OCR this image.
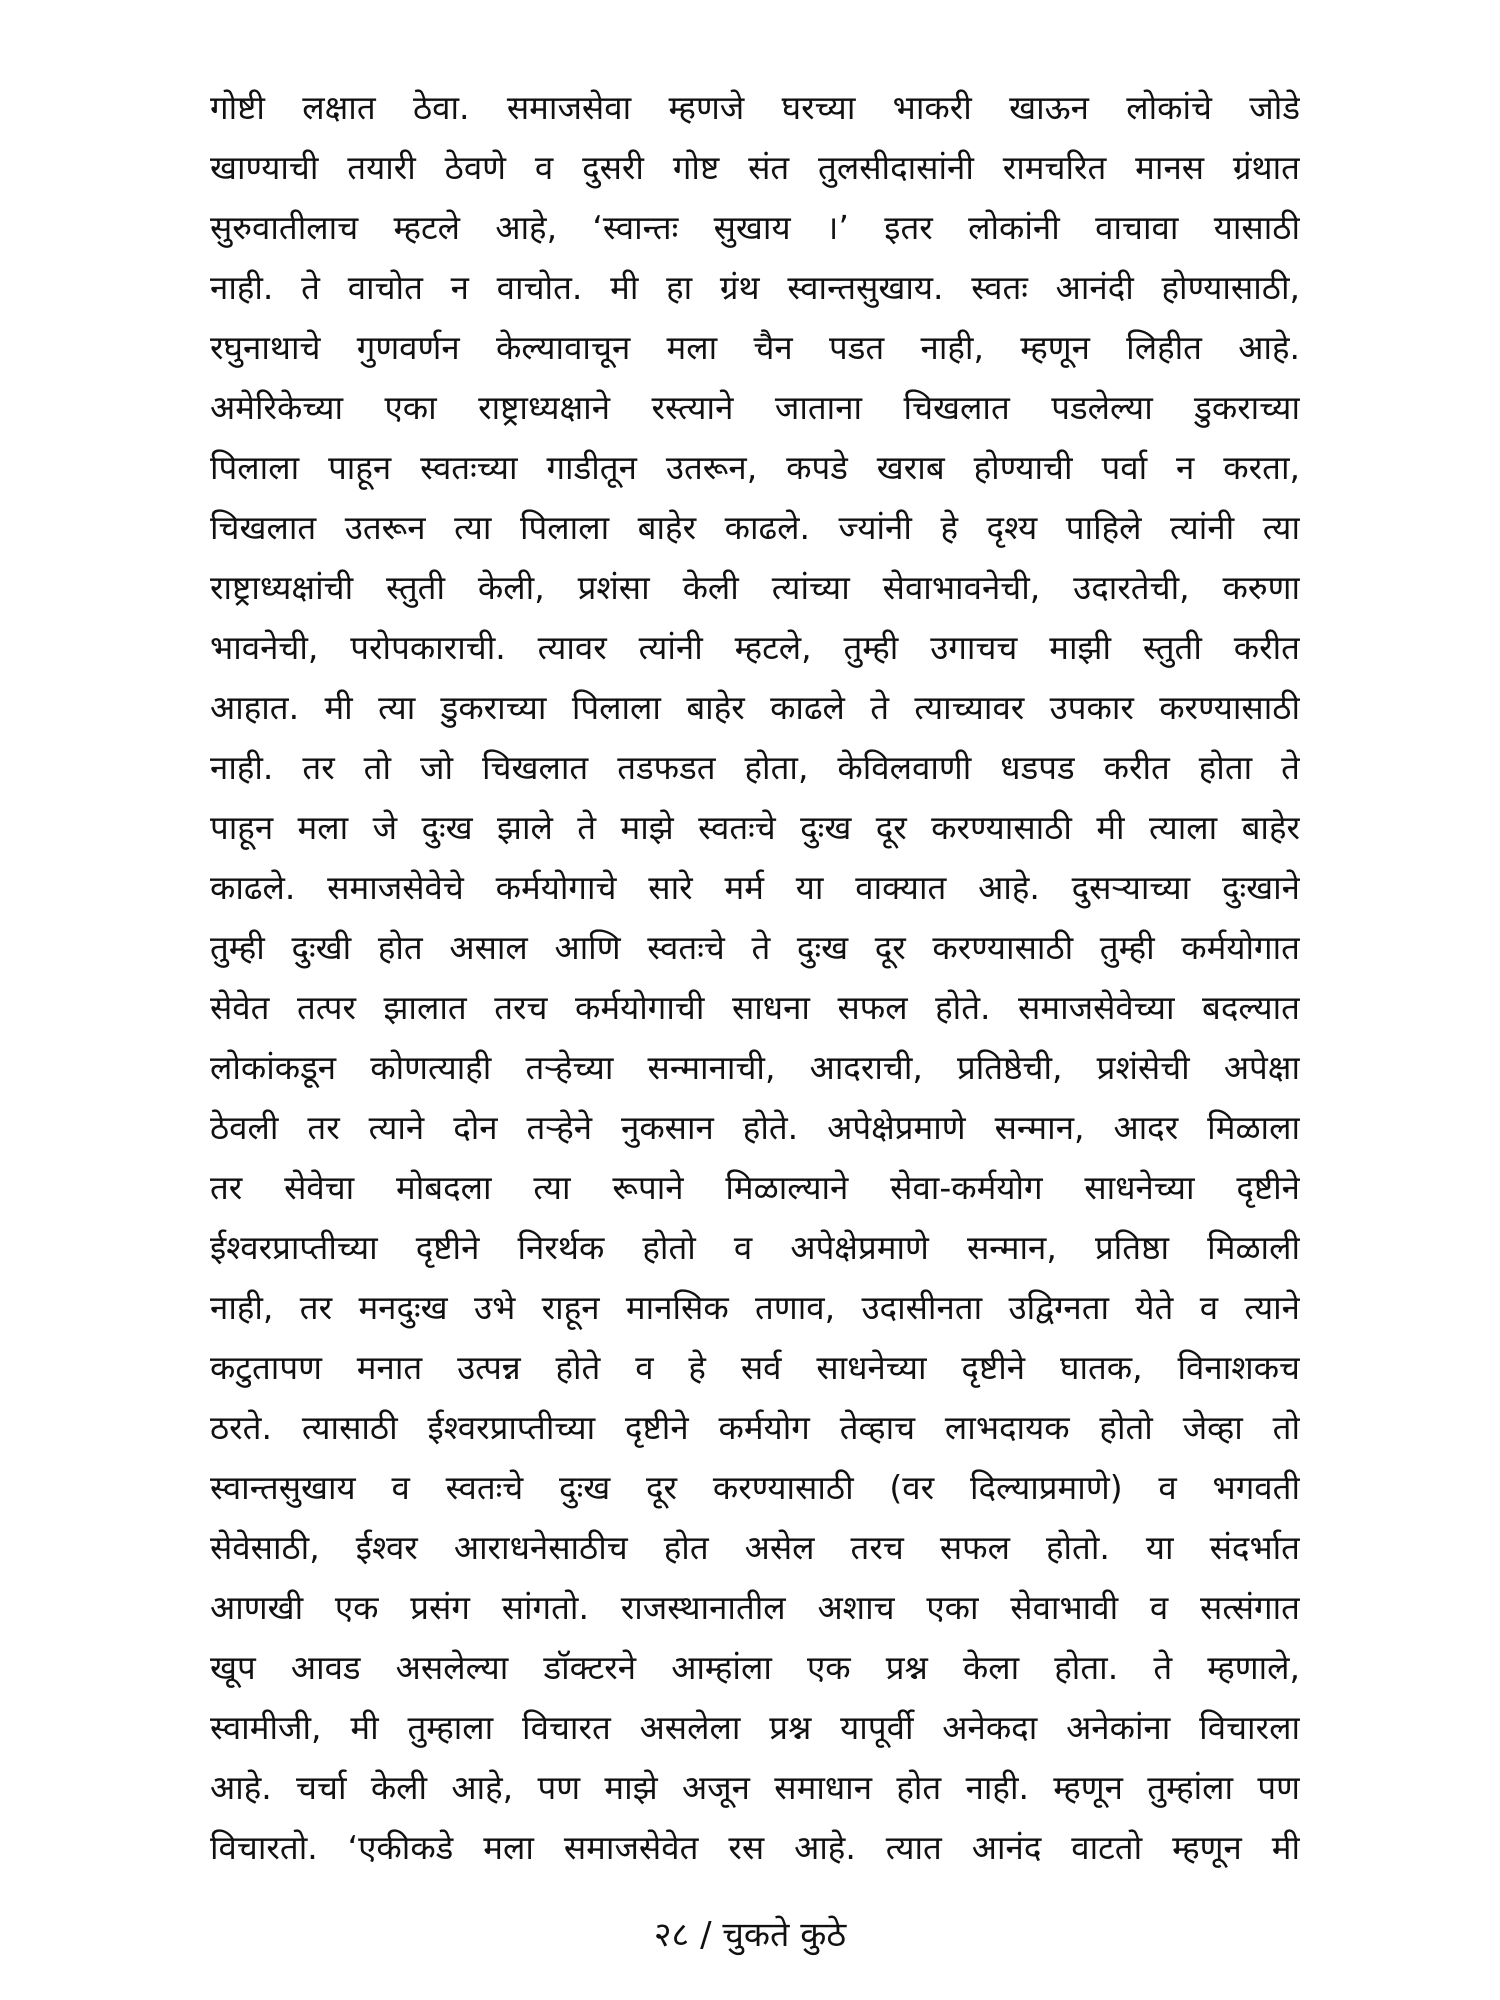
गोष्टी लक्षात ठेवा. समाजसेवा म्हणजे घरच्या भाकरी खाऊन लोकांचे जोडे
खाण्याची तयारी ठेवणे व दुसरी गोष्ट संत तुलसीदासांनी रामचरित मानस ग्रंथात
सुरुवातीलाच म्हटले आहे, ‘स्वान्तः सुखाय ।’ इतर लोकांनी वाचावा यासाठी
नाही. ते वाचोत न वाचोत. मी हा ग्रंथ स्वान्तसुखाय. स्वतः आनंदी होण्यासाठी,
रघुनाथाचे गुणवर्णन केल्यावाचून मला चैन पडत नाही, म्हणून लिहीत आहे.
अमेरिकेच्या एका राष्ट्राध्यक्षाने रस्त्याने जाताना चिखलात पडलेल्या डुकराच्या
पिलाला पाहून स्वतःच्या गाडीतून उतरून, कपडे खराब होण्याची पर्वा न करता,
चिखलात उतरून त्या पिलाला बाहेर काढले. ज्यांनी हे दृश्य पाहिले त्यांनी त्या
राष्ट्राध्यक्षांची स्तुती केली, प्रशंसा केली त्यांच्या सेवाभावनेची, उदारतेची, करुणा
भावनेची, परोपकाराची. त्यावर त्यांनी म्हटले, तुम्ही उगाचच माझी स्तुती करीत
आहात. मी त्या डुकराच्या पिलाला बाहेर काढले ते त्याच्यावर उपकार करण्यासाठी
नाही. तर तो जो चिखलात तडफडत होता, केविलवाणी धडपड करीत होता ते
पाहून मला जे दुःख झाले ते माझे स्वतःचे दुःख दूर करण्यासाठी मी त्याला बाहेर
काढले. समाजसेवेचे कर्मयोगाचे सारे मर्म या वाक्यात आहे. दुसऱ्याच्या दुःखाने
तुम्ही दुःखी होत असाल आणि स्वतःचे ते दुःख दूर करण्यासाठी तुम्ही कर्मयोगात
सेवेत तत्पर झालात तरच कर्मयोगाची साधना सफल होते. समाजसेवेच्या बदल्यात
लोकांकडून कोणत्याही तऱ्हेच्या सन्मानाची, आदराची, प्रतिष्ठेची, प्रशंसेची अपेक्षा
ठेवली तर त्याने दोन तऱ्हेने नुकसान होते. अपेक्षेप्रमाणे सन्मान, आदर मिळाला
तर सेवेचा मोबदला त्या रूपाने मिळाल्याने सेवा-कर्मयोग साधनेच्या दृष्टीने
ईश्वरप्राप्तीच्या दृष्टीने निरर्थक होतो व अपेक्षेप्रमाणे सन्मान, प्रतिष्ठा मिळाली
नाही, तर मनदुःख उभे राहून मानसिक तणाव, उदासीनता उद्विग्नता येते व त्याने
कटुतापण मनात उत्पन्न होते व हे सर्व साधनेच्या दृष्टीने घातक, विनाशकच
ठरते. त्यासाठी ईश्वरप्राप्तीच्या दृष्टीने कर्मयोग तेव्हाच लाभदायक होतो जेव्हा तो
स्वान्तसुखाय व स्वतःचे दुःख दूर करण्यासाठी (वर दिल्याप्रमाणे) व भगवती
सेवेसाठी, ईश्वर आराधनेसाठीच होत असेल तरच सफल होतो. या संदर्भात
आणखी एक प्रसंग सांगतो. राजस्थानातील अशाच एका सेवाभावी व सत्संगात
खूप आवड असलेल्या डॉक्टरने आम्हांला एक प्रश्न केला होता. ते म्हणाले,
स्वामीजी, मी तुम्हाला विचारत असलेला प्रश्न यापूर्वी अनेकदा अनेकांना विचारला
आहे. चर्चा केली आहे, पण माझे अजून समाधान होत नाही. म्हणून तुम्हांला पण
विचारतो. ‘एकीकडे मला समाजसेवेत रस आहे. त्यात आनंद वाटतो म्हणून मी
२८ / चुकते कुठे
